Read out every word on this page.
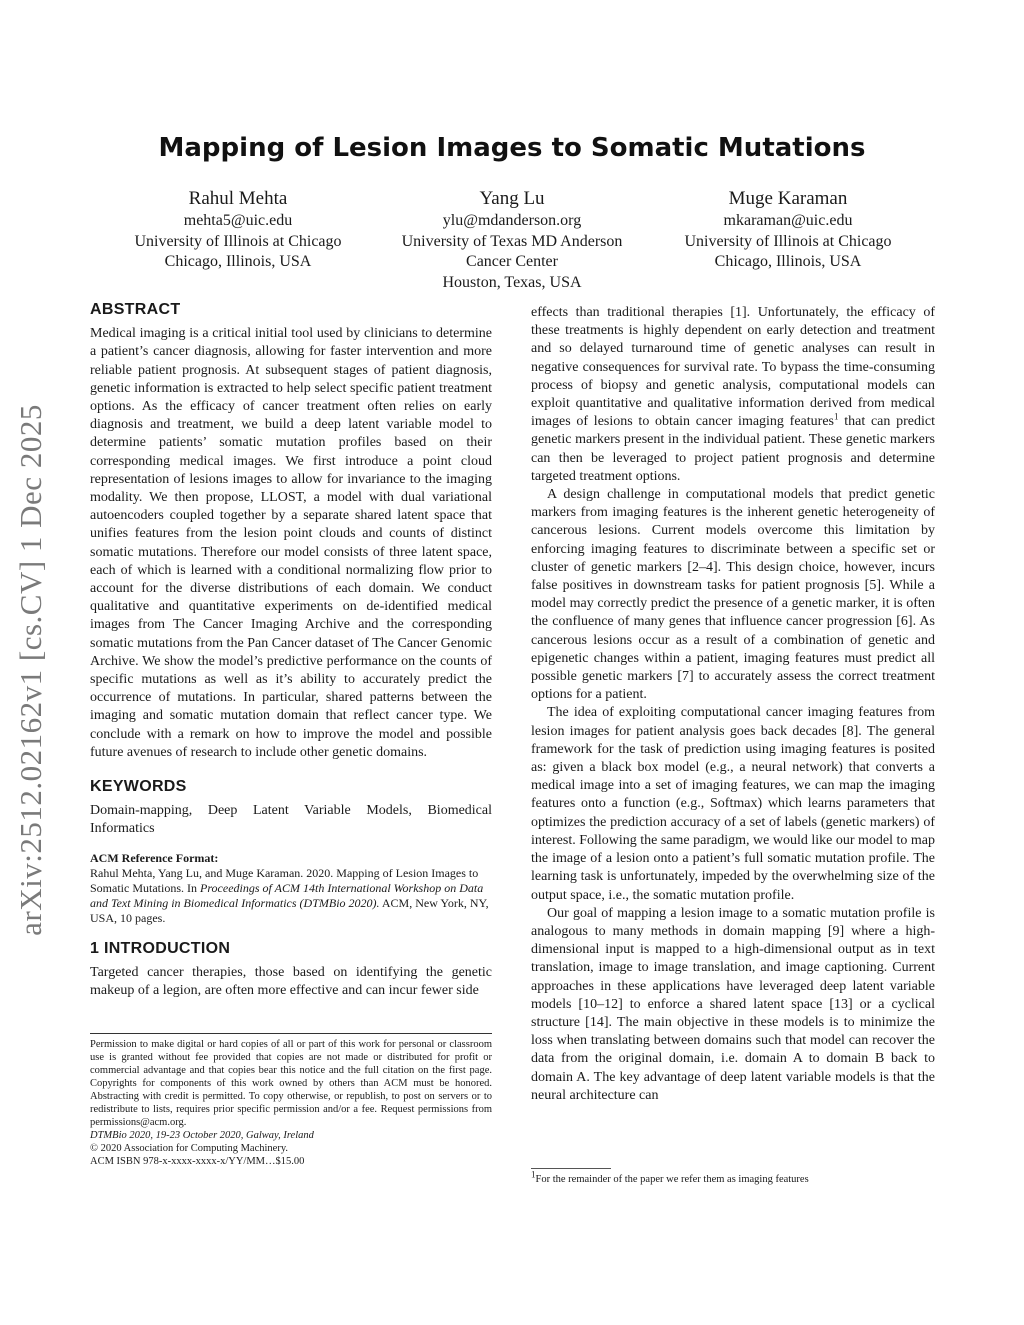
arXiv:2512.02162v1 [cs.CV] 1 Dec 2025
Mapping of Lesion Images to Somatic Mutations
Rahul Mehta
mehta5@uic.edu
University of Illinois at Chicago
Chicago, Illinois, USA
Yang Lu
ylu@mdanderson.org
University of Texas MD Anderson
Cancer Center
Houston, Texas, USA
Muge Karaman
mkaraman@uic.edu
University of Illinois at Chicago
Chicago, Illinois, USA
ABSTRACT

Medical imaging is a critical initial tool used by clinicians to determine a patient’s cancer diagnosis, allowing for faster intervention and more reliable patient prognosis. At subsequent stages of patient diagnosis, genetic information is extracted to help select specific patient treatment options. As the efficacy of cancer treatment often relies on early diagnosis and treatment, we build a deep latent variable model to determine patients’ somatic mutation profiles based on their corresponding medical images. We first introduce a point cloud representation of lesions images to allow for invariance to the imaging modality. We then propose, LLOST, a model with dual variational autoencoders coupled together by a separate shared latent space that unifies features from the lesion point clouds and counts of distinct somatic mutations. Therefore our model consists of three latent space, each of which is learned with a conditional normalizing flow prior to account for the diverse distributions of each domain. We conduct qualitative and quantitative experiments on de-identified medical images from The Cancer Imaging Archive and the corresponding somatic mutations from the Pan Cancer dataset of The Cancer Genomic Archive. We show the model’s predictive performance on the counts of specific mutations as well as it’s ability to accurately predict the occurrence of mutations. In particular, shared patterns between the imaging and somatic mutation domain that reflect cancer type. We conclude with a remark on how to improve the model and possible future avenues of research to include other genetic domains.

KEYWORDS

Domain-mapping, Deep Latent Variable Models, Biomedical Informatics

ACM Reference Format:
Rahul Mehta, Yang Lu, and Muge Karaman. 2020. Mapping of Lesion Images to Somatic Mutations. In Proceedings of ACM 14th International Workshop on Data and Text Mining in Biomedical Informatics (DTMBio 2020). ACM, New York, NY, USA, 10 pages.
1 INTRODUCTION

Targeted cancer therapies, those based on identifying the genetic makeup of a legion, are often more effective and can incur fewer side

Permission to make digital or hard copies of all or part of this work for personal or classroom use is granted without fee provided that copies are not made or distributed for profit or commercial advantage and that copies bear this notice and the full citation on the first page. Copyrights for components of this work owned by others than ACM must be honored. Abstracting with credit is permitted. To copy otherwise, or republish, to post on servers or to redistribute to lists, requires prior specific permission and/or a fee. Request permissions from permissions@acm.org.
DTMBio 2020, 19-23 October 2020, Galway, Ireland
© 2020 Association for Computing Machinery.
ACM ISBN 978-x-xxxx-xxxx-x/YY/MM…$15.00

effects than traditional therapies [1]. Unfortunately, the efficacy of these treatments is highly dependent on early detection and treatment and so delayed turnaround time of genetic analyses can result in negative consequences for survival rate. To bypass the time-consuming process of biopsy and genetic analysis, computational models can exploit quantitative and qualitative information derived from medical images of lesions to obtain cancer imaging features$^1$ that can predict genetic markers present in the individual patient. These genetic markers can then be leveraged to project patient prognosis and determine targeted treatment options.

A design challenge in computational models that predict genetic markers from imaging features is the inherent genetic heterogeneity of cancerous lesions. Current models overcome this limitation by enforcing imaging features to discriminate between a specific set or cluster of genetic markers [2–4]. This design choice, however, incurs false positives in downstream tasks for patient prognosis [5]. While a model may correctly predict the presence of a genetic marker, it is often the confluence of many genes that influence cancer progression [6]. As cancerous lesions occur as a result of a combination of genetic and epigenetic changes within a patient, imaging features must predict all possible genetic markers [7] to accurately assess the correct treatment options for a patient.

The idea of exploiting computational cancer imaging features from lesion images for patient analysis goes back decades [8]. The general framework for the task of prediction using imaging features is posited as: given a black box model (e.g., a neural network) that converts a medical image into a set of imaging features, we can map the imaging features onto a function (e.g., Softmax) which learns parameters that optimizes the prediction accuracy of a set of labels (genetic markers) of interest. Following the same paradigm, we would like our model to map the image of a lesion onto a patient’s full somatic mutation profile. The learning task is unfortunately, impeded by the overwhelming size of the output space, i.e., the somatic mutation profile.

Our goal of mapping a lesion image to a somatic mutation profile is analogous to many methods in domain mapping [9] where a high-dimensional input is mapped to a high-dimensional output as in text translation, image to image translation, and image captioning. Current approaches in these applications have leveraged deep latent variable models [10–12] to enforce a shared latent space [13] or a cyclical structure [14]. The main objective in these models is to minimize the loss when translating between domains such that model can recover the data from the original domain, i.e. domain A to domain B back to domain A. The key advantage of deep latent variable models is that the neural architecture can

$^1$For the remainder of the paper we refer them as imaging features
